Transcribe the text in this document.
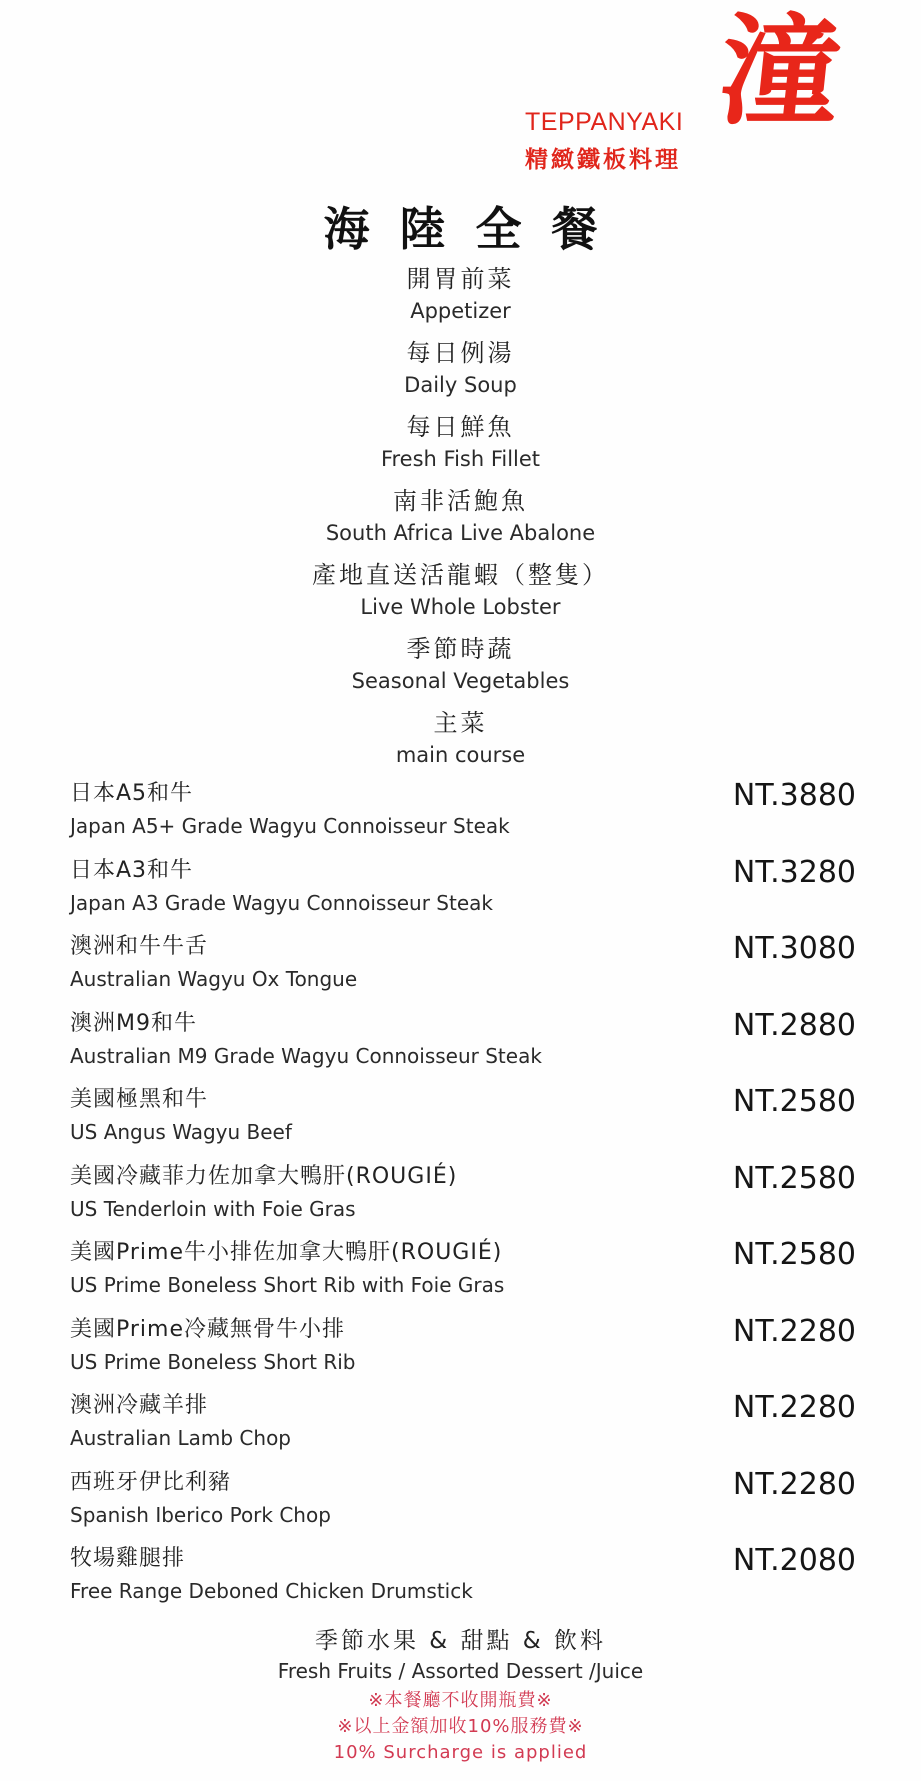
TEPPANYAKI
精緻鐵板料理
潼
海陸全餐
開胃前菜
Appetizer
每日例湯
Daily Soup
每日鮮魚
Fresh Fish Fillet
南非活鮑魚
South Africa Live Abalone
產地直送活龍蝦（整隻）
Live Whole Lobster
季節時蔬
Seasonal Vegetables
主菜
main course
日本A5和牛
Japan A5+ Grade Wagyu Connoisseur Steak
NT.3880
日本A3和牛
Japan A3 Grade Wagyu Connoisseur Steak
NT.3280
澳洲和牛牛舌
Australian Wagyu Ox Tongue
NT.3080
澳洲M9和牛
Australian M9 Grade Wagyu Connoisseur Steak
NT.2880
美國極黑和牛
US Angus Wagyu Beef
NT.2580
美國冷藏菲力佐加拿大鴨肝(ROUGIÉ)
US Tenderloin with Foie Gras
NT.2580
美國Prime牛小排佐加拿大鴨肝(ROUGIÉ)
US Prime Boneless Short Rib with Foie Gras
NT.2580
美國Prime冷藏無骨牛小排
US Prime Boneless Short Rib
NT.2280
澳洲冷藏羊排
Australian Lamb Chop
NT.2280
西班牙伊比利豬
Spanish Iberico Pork Chop
NT.2280
牧場雞腿排
Free Range Deboned Chicken Drumstick
NT.2080
季節水果 & 甜點 & 飲料
Fresh Fruits / Assorted Dessert /Juice
※本餐廳不收開瓶費※
※以上金額加收10%服務費※
10% Surcharge is applied
